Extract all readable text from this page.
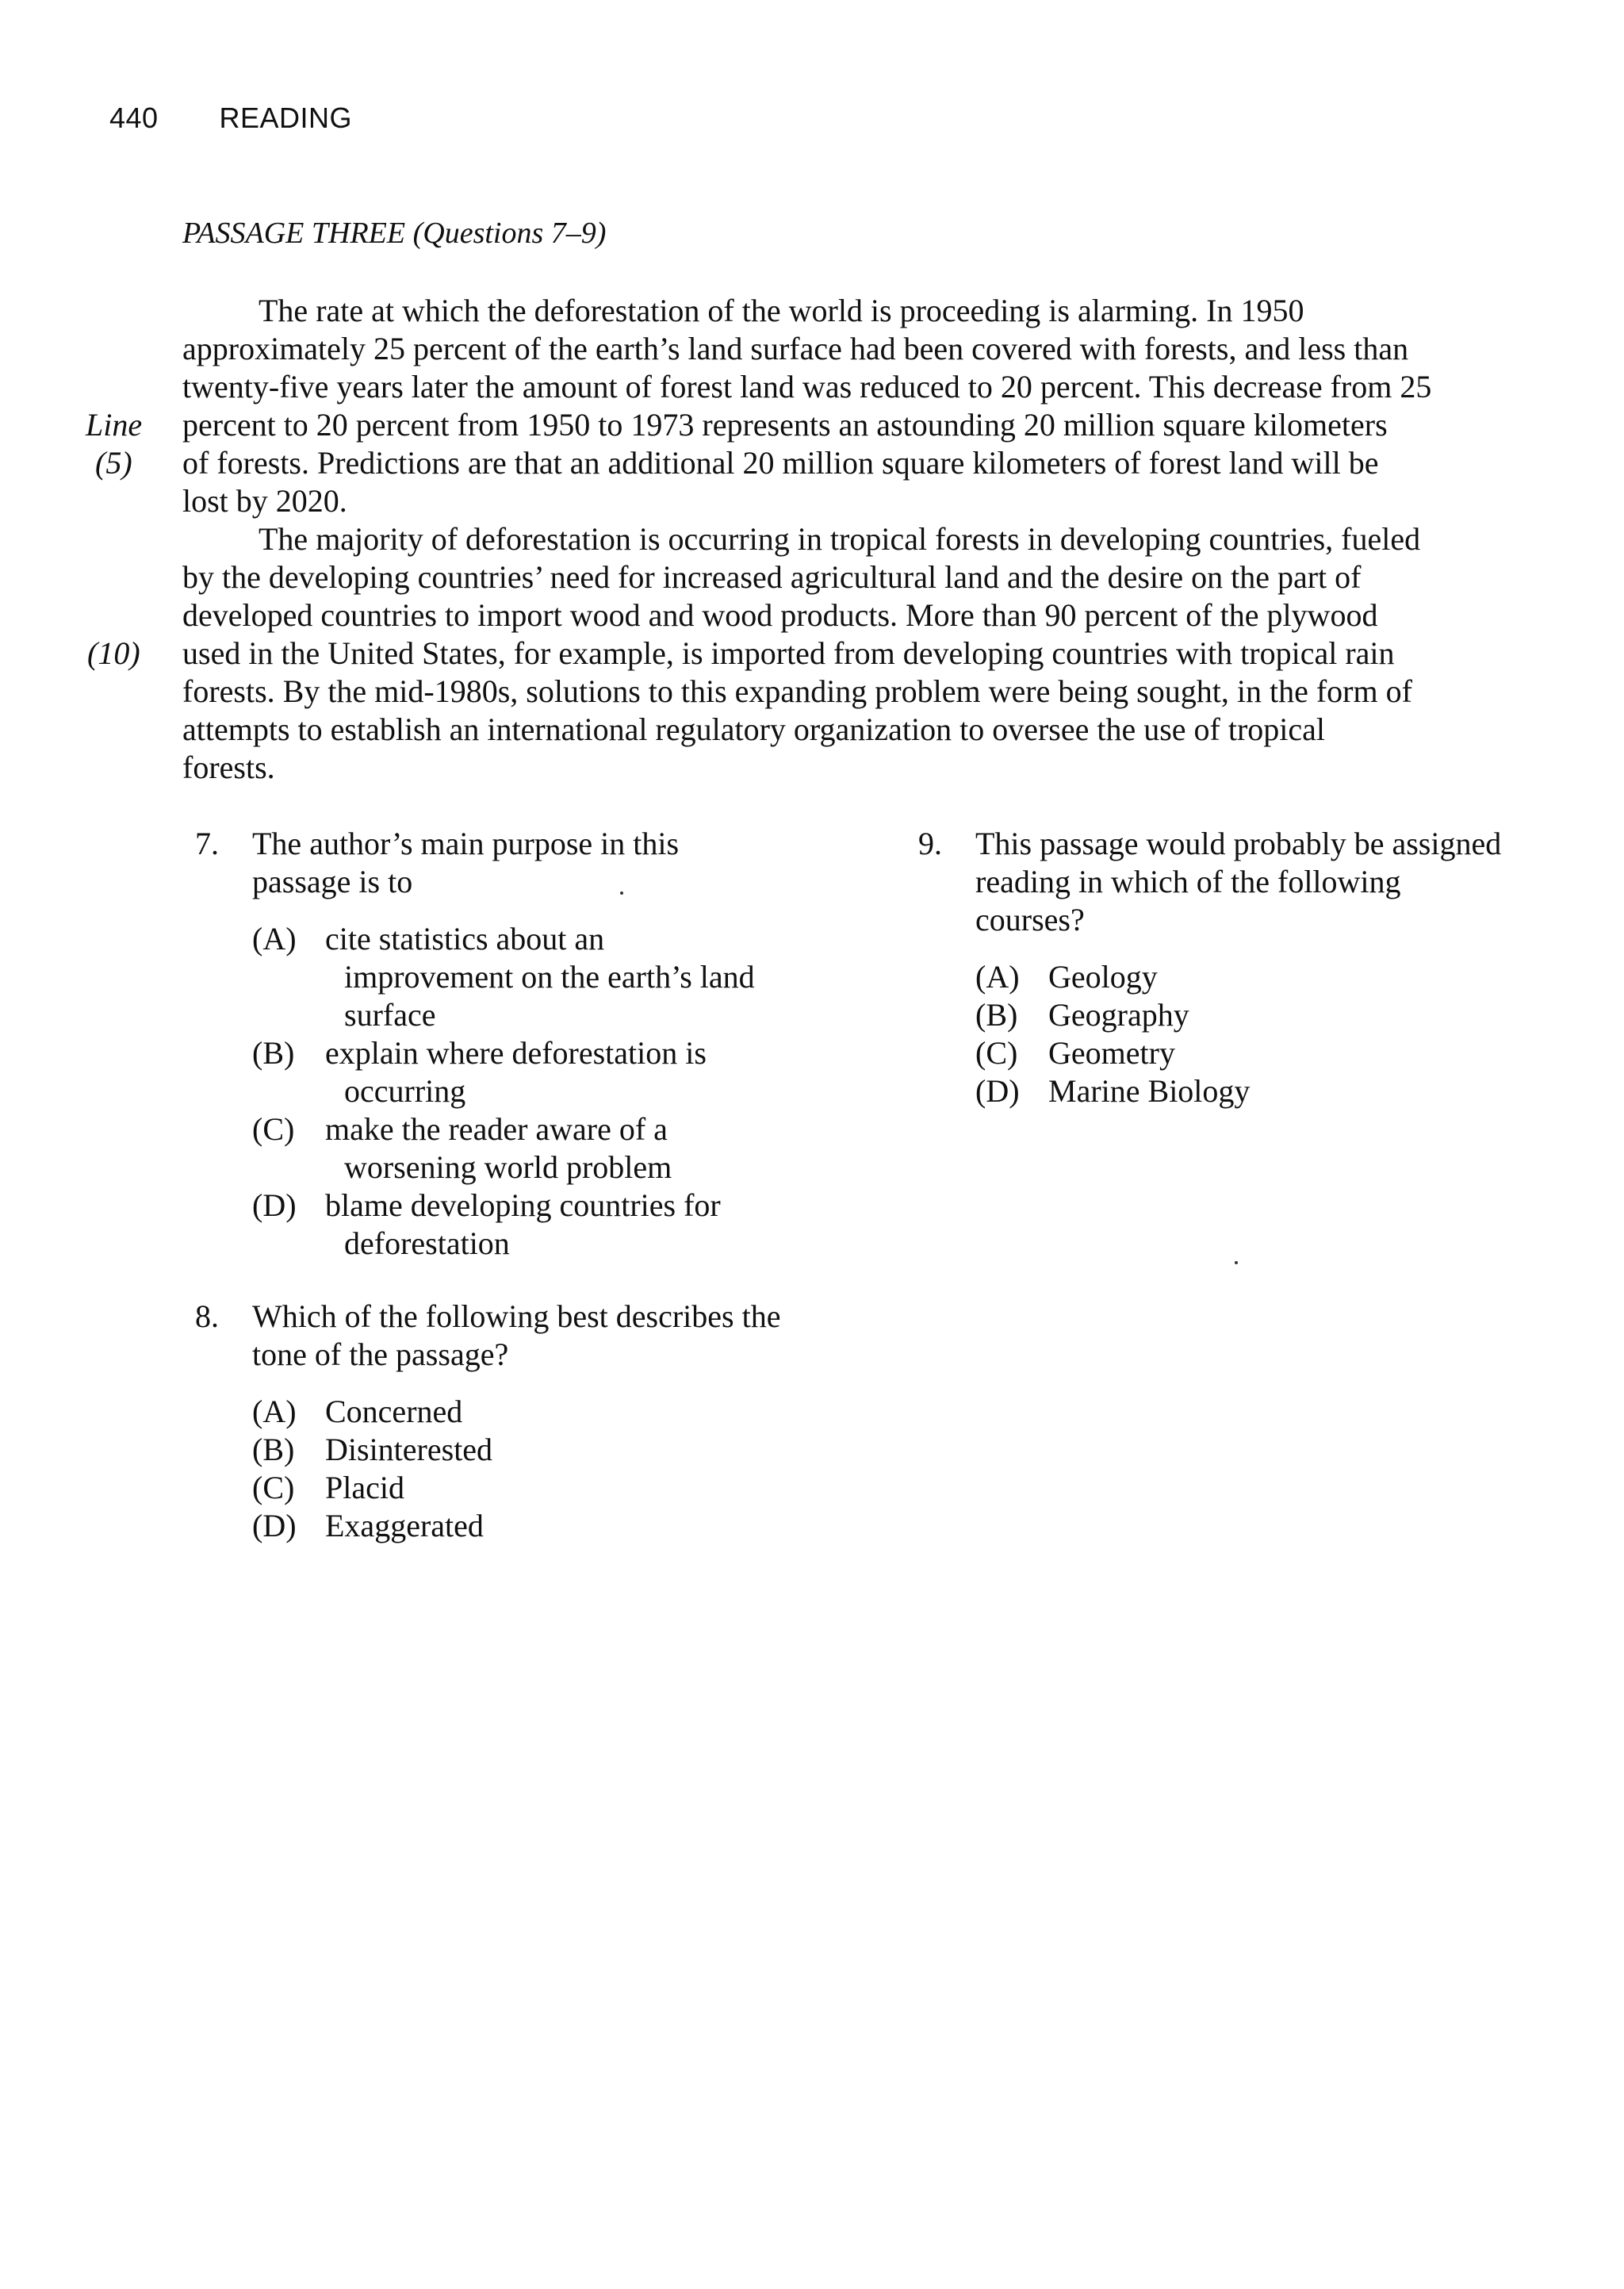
440 READING
PASSAGE THREE (Questions 7–9)
The rate at which the deforestation of the world is proceeding is alarming. In 1950
approximately 25 percent of the earth’s land surface had been covered with forests, and less than
twenty-five years later the amount of forest land was reduced to 20 percent. This decrease from 25
percent to 20 percent from 1950 to 1973 represents an astounding 20 million square kilometers
of forests. Predictions are that an additional 20 million square kilometers of forest land will be
lost by 2020.
The majority of deforestation is occurring in tropical forests in developing countries, fueled
by the developing countries’ need for increased agricultural land and the desire on the part of
developed countries to import wood and wood products. More than 90 percent of the plywood
used in the United States, for example, is imported from developing countries with tropical rain
forests. By the mid-1980s, solutions to this expanding problem were being sought, in the form of
attempts to establish an international regulatory organization to oversee the use of tropical
forests.
Line
(5)
(10)
7. The author’s main purpose in this
passage is to
(A) cite statistics about an
improvement on the earth’s land
surface
(B) explain where deforestation is
occurring
(C) make the reader aware of a
worsening world problem
(D) blame developing countries for
deforestation
8. Which of the following best describes the
tone of the passage?
(A) Concerned
(B) Disinterested
(C) Placid
(D) Exaggerated
9. This passage would probably be assigned
reading in which of the following
courses?
(A) Geology
(B) Geography
(C) Geometry
(D) Marine Biology
